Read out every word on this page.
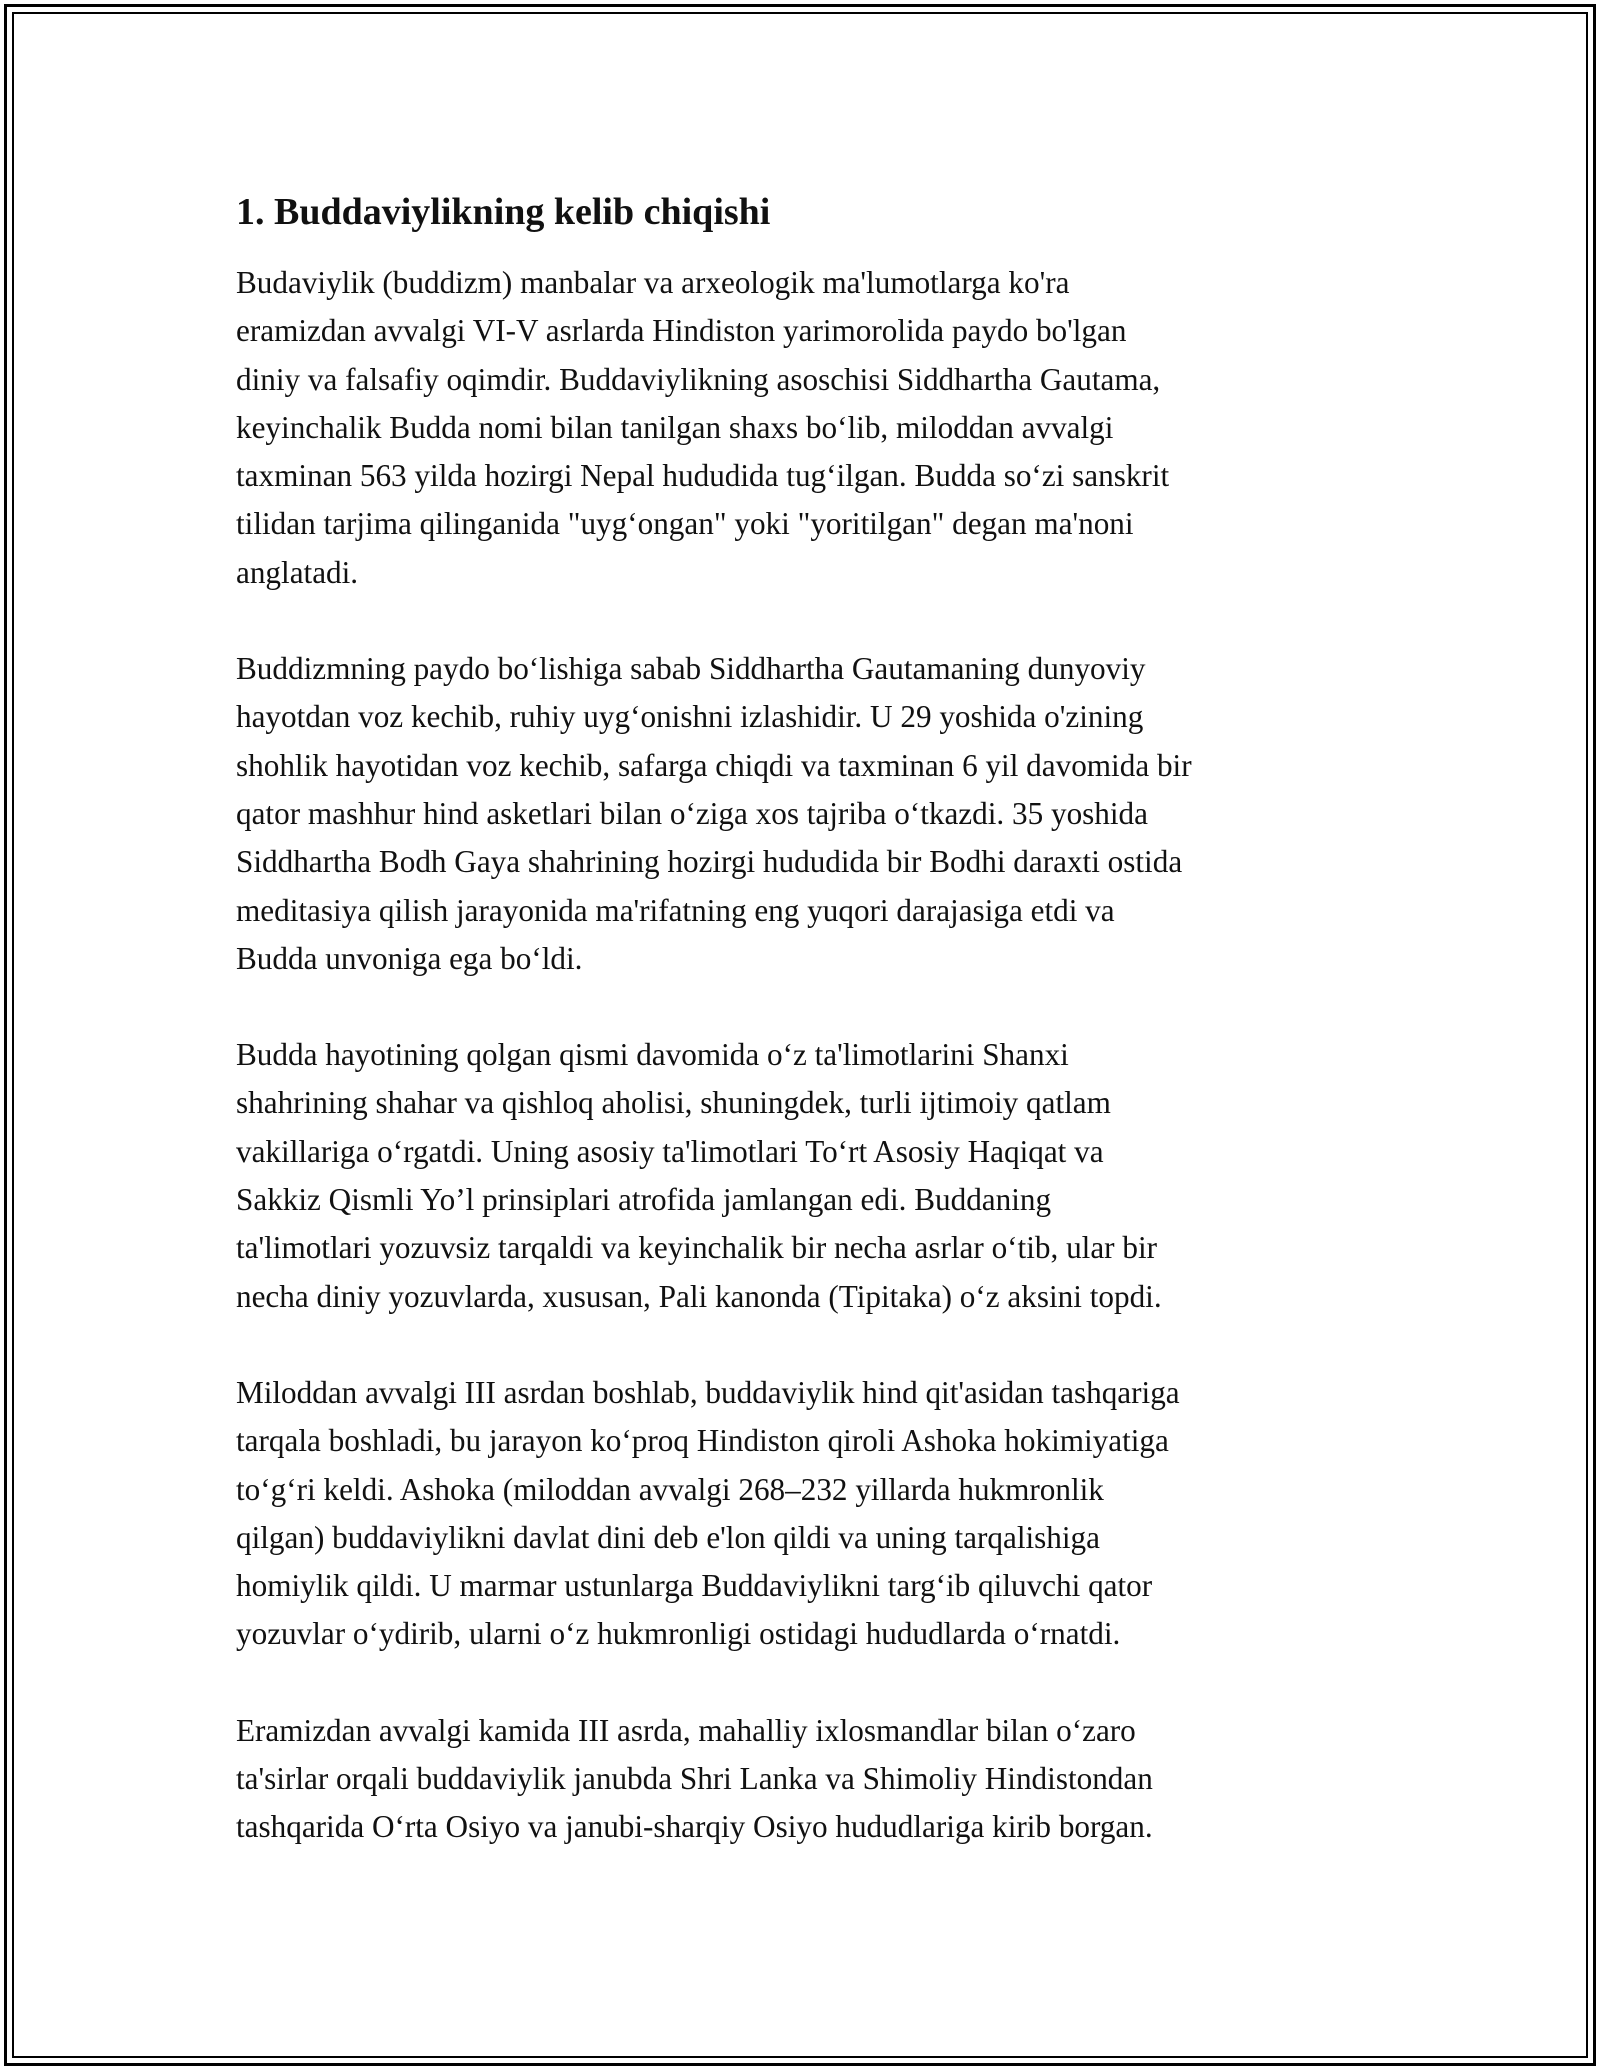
1. Buddaviylikning kelib chiqishi

Budaviylik (buddizm) manbalar va arxeologik ma'lumotlarga ko'ra
eramizdan avvalgi VI-V asrlarda Hindiston yarimorolida paydo bo'lgan
diniy va falsafiy oqimdir. Buddaviylikning asoschisi Siddhartha Gautama,
keyinchalik Budda nomi bilan tanilgan shaxs bo‘lib, miloddan avvalgi
taxminan 563 yilda hozirgi Nepal hududida tug‘ilgan. Budda so‘zi sanskrit
tilidan tarjima qilinganida "uyg‘ongan" yoki "yoritilgan" degan ma'noni
anglatadi.

Buddizmning paydo bo‘lishiga sabab Siddhartha Gautamaning dunyoviy
hayotdan voz kechib, ruhiy uyg‘onishni izlashidir. U 29 yoshida o'zining
shohlik hayotidan voz kechib, safarga chiqdi va taxminan 6 yil davomida bir
qator mashhur hind asketlari bilan o‘ziga xos tajriba o‘tkazdi. 35 yoshida
Siddhartha Bodh Gaya shahrining hozirgi hududida bir Bodhi daraxti ostida
meditasiya qilish jarayonida ma'rifatning eng yuqori darajasiga etdi va
Budda unvoniga ega bo‘ldi.

Budda hayotining qolgan qismi davomida o‘z ta'limotlarini Shanxi
shahrining shahar va qishloq aholisi, shuningdek, turli ijtimoiy qatlam
vakillariga o‘rgatdi. Uning asosiy ta'limotlari To‘rt Asosiy Haqiqat va
Sakkiz Qismli Yo’l prinsiplari atrofida jamlangan edi. Buddaning
ta'limotlari yozuvsiz tarqaldi va keyinchalik bir necha asrlar o‘tib, ular bir
necha diniy yozuvlarda, xususan, Pali kanonda (Tipitaka) o‘z aksini topdi.

Miloddan avvalgi III asrdan boshlab, buddaviylik hind qit'asidan tashqariga
tarqala boshladi, bu jarayon ko‘proq Hindiston qiroli Ashoka hokimiyatiga
to‘g‘ri keldi. Ashoka (miloddan avvalgi 268–232 yillarda hukmronlik
qilgan) buddaviylikni davlat dini deb e'lon qildi va uning tarqalishiga
homiylik qildi. U marmar ustunlarga Buddaviylikni targ‘ib qiluvchi qator
yozuvlar o‘ydirib, ularni o‘z hukmronligi ostidagi hududlarda o‘rnatdi.

Eramizdan avvalgi kamida III asrda, mahalliy ixlosmandlar bilan o‘zaro
ta'sirlar orqali buddaviylik janubda Shri Lanka va Shimoliy Hindistondan
tashqarida O‘rta Osiyo va janubi-sharqiy Osiyo hududlariga kirib borgan.
